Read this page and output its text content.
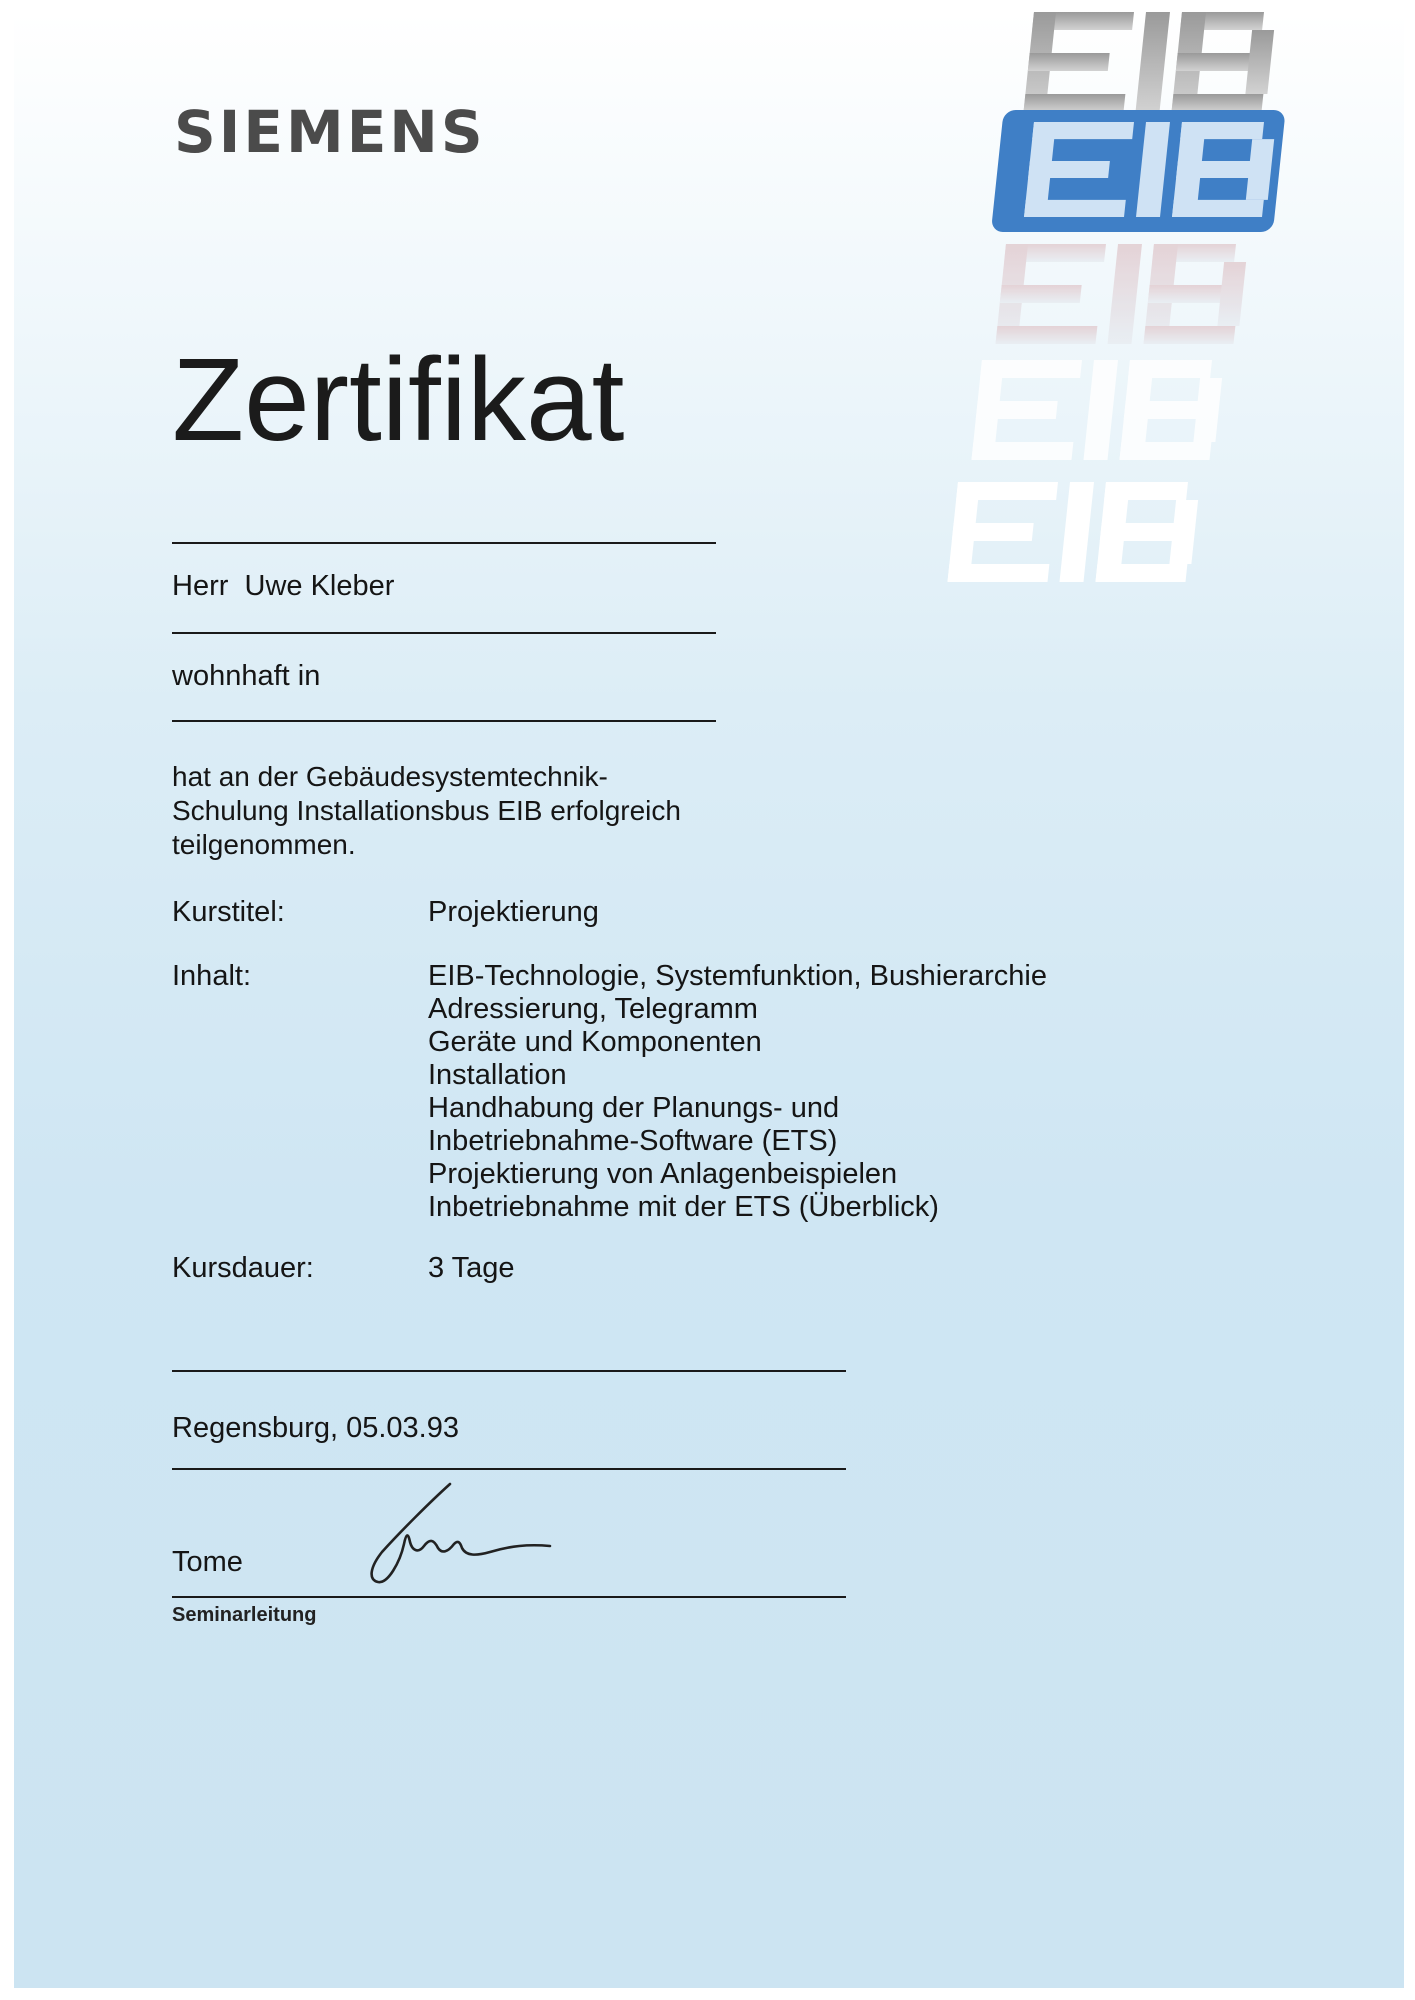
SIEMENS
Zertifikat
Herr  Uwe Kleber
wohnhaft in
hat an der Gebäudesystemtechnik-
Schulung Installationsbus EIB erfolgreich
teilgenommen.
Kurstitel:	Projektierung
Inhalt:	EIB-Technologie, Systemfunktion, Bushierarchie
Adressierung, Telegramm
Geräte und Komponenten
Installation
Handhabung der Planungs- und
Inbetriebnahme-Software (ETS)
Projektierung von Anlagenbeispielen
Inbetriebnahme mit der ETS (Überblick)
Kursdauer:	3 Tage
Regensburg, 05.03.93
Tome
Seminarleitung
